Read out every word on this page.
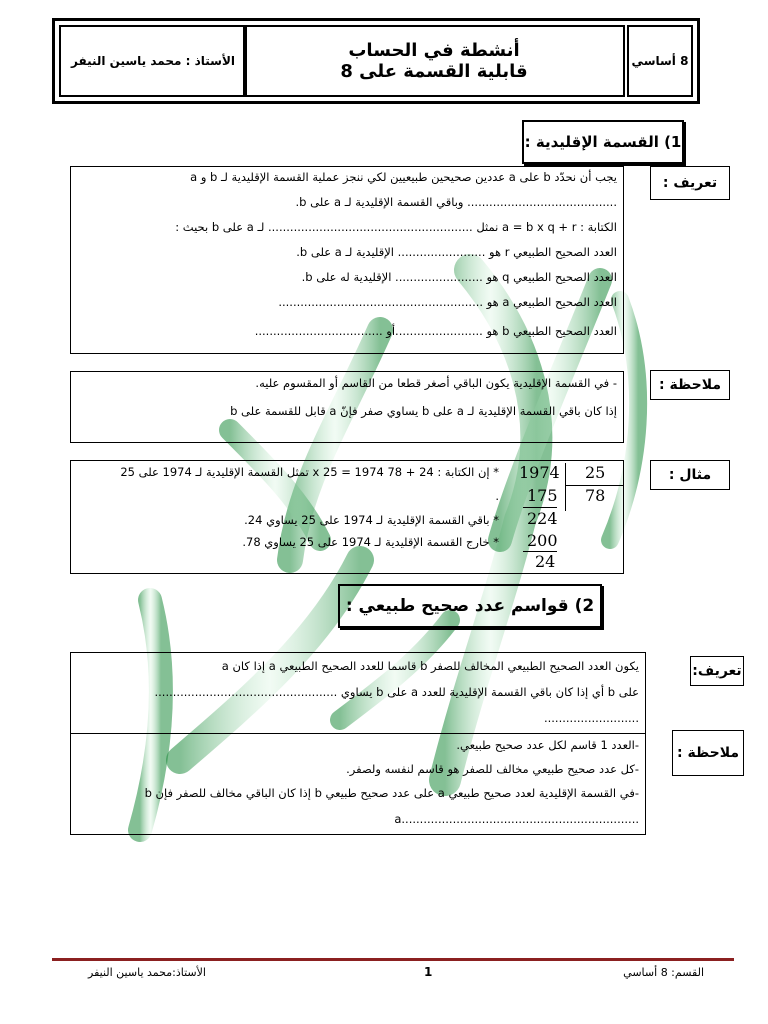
8 أساسي
أنشطة في الحساب
قابلية القسمة على 8
الأستاذ : محمد ياسين النيفر
1) القسمة الإقليدية :
تعريف :
a و b عددين صحيحين طبيعيين لكي ننجز عملية القسمة الإقليدية لـ a على b يجب أن نحدّد
......................................... وباقي القسمة الإقليدية لـ a على b.
الكتابة : a = b x q + r نمثل ........................................................ لـ a على b بحيث :
العدد الصحيح الطبيعي r هو ........................ الإقليدية لـ a على b.
العدد الصحيح الطبيعي q هو ........................ الإقليدية له على b.
العدد الصحيح الطبيعي a هو ........................................................
العدد الصحيح الطبيعي b هو ........................أو ...................................
ملاحظة :
- في القسمة الإقليدية يكون الباقي أصغر قطعا من القاسم أو المقسوم عليه.
إذا كان باقي القسمة الإقليدية لـ a على b يساوي صفر فإنّ a قابل للقسمة على b
مثال :
* إن الكتابة : 24 + 78 x 25 = 1974 تمثل القسمة الإقليدية لـ 1974 على 25
.
* باقي القسمة الإقليدية لـ 1974 على 25 يساوي 24.
* خارج القسمة الإقليدية لـ 1974 على 25 يساوي 78.
1974 25
78
175
224
200
24
2) قواسم عدد صحيح طبيعي :
تعريف:
يكون العدد الصحيح الطبيعي المخالف للصفر b قاسما للعدد الصحيح الطبيعي a إذا كان a
على b أي إذا كان باقي القسمة الإقليدية للعدد a على b يساوي ..................................................
..........................
ملاحظة :
-العدد 1 قاسم لكل عدد صحيح طبيعي.
-كل عدد صحيح طبيعي مخالف للصفر هو قاسم لنفسه ولصفر.
-في القسمة الإقليدية لعدد صحيح طبيعي a على عدد صحيح طبيعي b إذا كان الباقي مخالف للصفر فإن b
a.................................................................
القسم: 8 أساسي
1
الأستاذ:محمد ياسين النيفر
